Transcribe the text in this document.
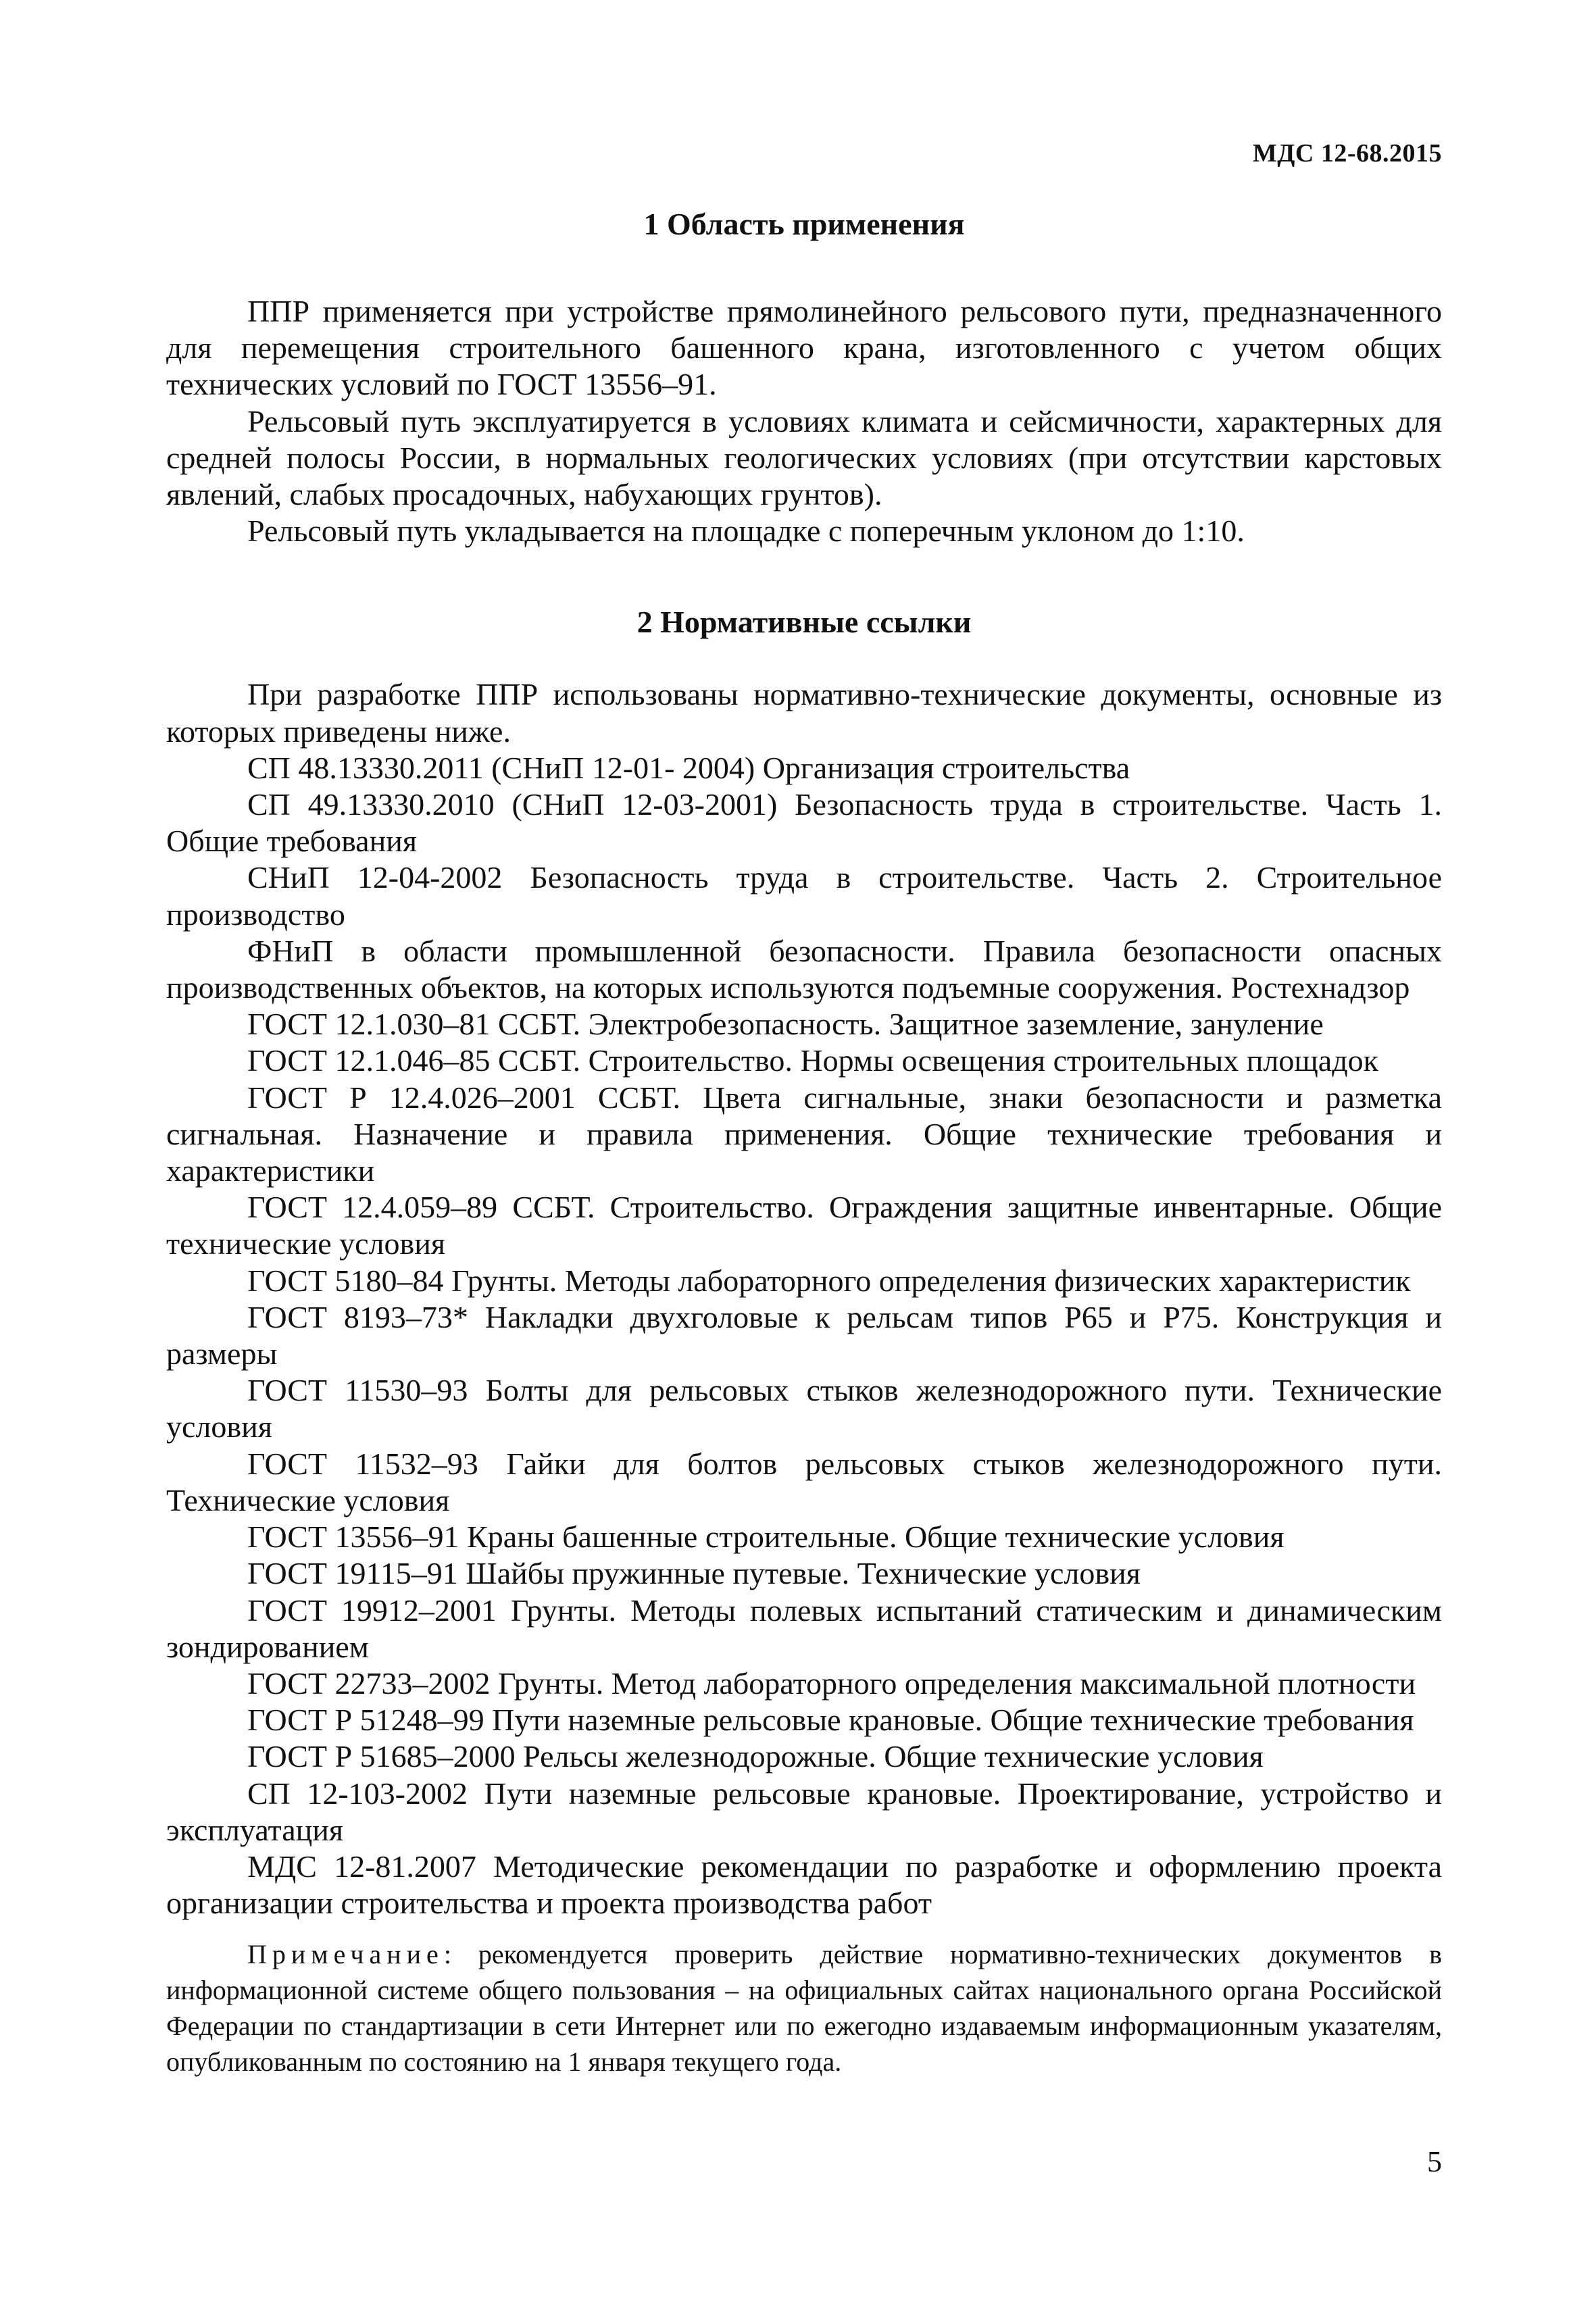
МДС 12-68.2015
1 Область применения

ППР применяется при устройстве прямолинейного рельсового пути, предназначенного для перемещения строительного башенного крана, изготовленного с учетом общих технических условий по ГОСТ 13556–91.

Рельсовый путь эксплуатируется в условиях климата и сейсмичности, характерных для средней полосы России, в нормальных геологических условиях (при отсутствии карстовых явлений, слабых просадочных, набухающих грунтов).

Рельсовый путь укладывается на площадке с поперечным уклоном до 1:10.

2 Нормативные ссылки

При разработке ППР использованы нормативно-технические документы, основные из которых приведены ниже.

СП 48.13330.2011 (СНиП 12-01- 2004) Организация строительства

СП 49.13330.2010 (СНиП 12-03-2001) Безопасность труда в строительстве. Часть 1. Общие требования

СНиП 12-04-2002 Безопасность труда в строительстве. Часть 2. Строительное производство

ФНиП в области промышленной безопасности. Правила безопасности опасных производственных объектов, на которых используются подъемные сооружения. Ростехнадзор

ГОСТ 12.1.030–81 ССБТ. Электробезопасность. Защитное заземление, зануление

ГОСТ 12.1.046–85 ССБТ. Строительство. Нормы освещения строительных площадок

ГОСТ Р 12.4.026–2001 ССБТ. Цвета сигнальные, знаки безопасности и разметка сигнальная. Назначение и правила применения. Общие технические требования и характеристики

ГОСТ 12.4.059–89 ССБТ. Строительство. Ограждения защитные инвентарные. Общие технические условия

ГОСТ 5180–84 Грунты. Методы лабораторного определения физических характеристик

ГОСТ 8193–73* Накладки двухголовые к рельсам типов Р65 и Р75. Конструкция и размеры

ГОСТ 11530–93 Болты для рельсовых стыков железнодорожного пути. Технические условия

ГОСТ 11532–93 Гайки для болтов рельсовых стыков железнодорожного пути. Технические условия

ГОСТ 13556–91 Краны башенные строительные. Общие технические условия

ГОСТ 19115–91 Шайбы пружинные путевые. Технические условия

ГОСТ 19912–2001 Грунты. Методы полевых испытаний статическим и динамическим зондированием

ГОСТ 22733–2002 Грунты. Метод лабораторного определения максимальной плотности

ГОСТ Р 51248–99 Пути наземные рельсовые крановые. Общие технические требования

ГОСТ Р 51685–2000 Рельсы железнодорожные. Общие технические условия

СП 12-103-2002 Пути наземные рельсовые крановые. Проектирование, устройство и эксплуатация

МДС 12-81.2007 Методические рекомендации по разработке и оформлению проекта организации строительства и проекта производства работ

Примечание: рекомендуется проверить действие нормативно-технических документов в информационной системе общего пользования – на официальных сайтах национального органа Российской Федерации по стандартизации в сети Интернет или по ежегодно издаваемым информационным указателям, опубликованным по состоянию на 1 января текущего года.
5
